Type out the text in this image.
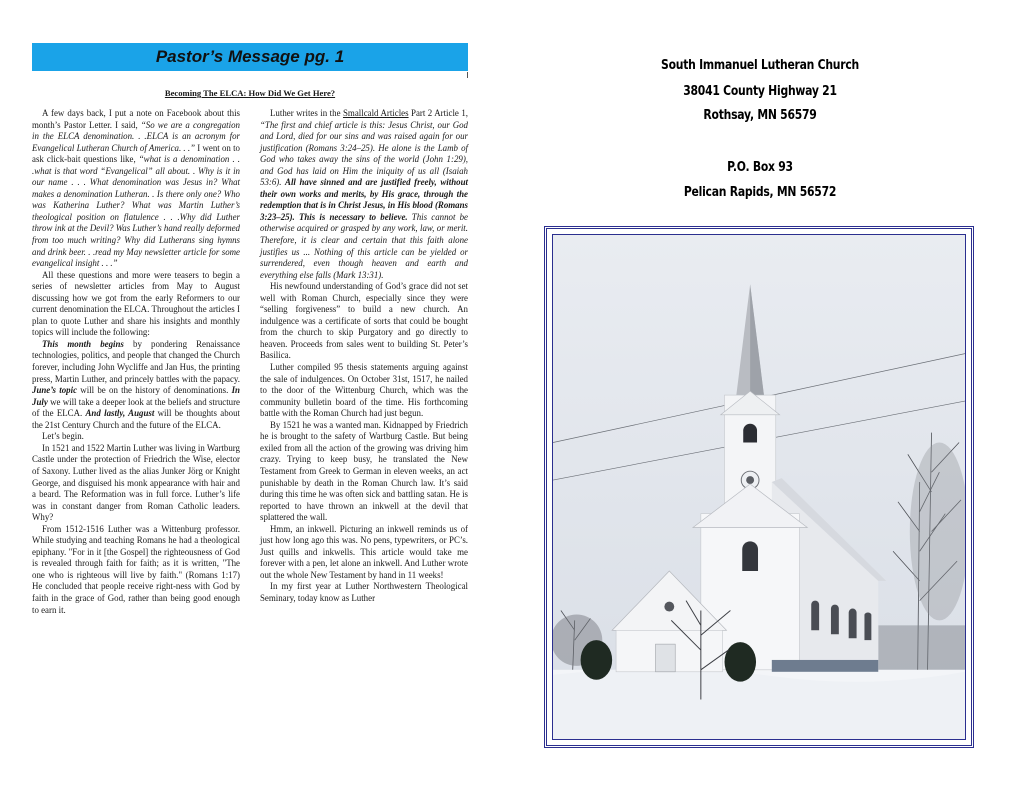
Pastor’s Message pg. 1
Becoming The ELCA: How Did We Get Here?

A few days back, I put a note on Facebook about this month’s Pastor Letter. I said, “So we are a congregation in the ELCA denomination. . .ELCA is an acronym for Evangelical Lutheran Church of America. . .” I went on to ask click-bait questions like, “what is a denomination . . .what is that word “Evangelical” all about. . Why is it in our name . . . What denomination was Jesus in? What makes a denomination Lutheran. . Is there only one? Who was Katherina Luther? What was Martin Luther’s theological position on flatulence . . .Why did Luther throw ink at the Devil? Was Luther’s hand really deformed from too much writing? Why did Lutherans sing hymns and drink beer. . .read my May newsletter article for some evangelical insight . . .”

All these questions and more were teasers to begin a series of newsletter articles from May to August discussing how we got from the early Reformers to our current denomination the ELCA. Throughout the articles I plan to quote Luther and share his insights and monthly topics will include the following:

This month begins by pondering Renaissance technologies, politics, and people that changed the Church forever, including John Wycliffe and Jan Hus, the printing press, Martin Luther, and princely battles with the papacy. June’s topic will be on the history of denominations. In July we will take a deeper look at the beliefs and structure of the ELCA. And lastly, August will be thoughts about the 21st Century Church and the future of the ELCA.

Let’s begin.

In 1521 and 1522 Martin Luther was living in Wartburg Castle under the protection of Friedrich the Wise, elector of Saxony. Luther lived as the alias Junker Jörg or Knight George, and disguised his monk appearance with hair and a beard. The Reformation was in full force. Luther’s life was in constant danger from Roman Catholic leaders. Why?

From 1512-1516 Luther was a Wittenburg professor. While studying and teaching Romans he had a theological epiphany. "For in it [the Gospel] the righteousness of God is revealed through faith for faith; as it is written, "The one who is righteous will live by faith." (Romans 1:17) He concluded that people receive right-ness with God by faith in the grace of God, rather than being good enough to earn it.

Luther writes in the Smallcald Articles Part 2 Article 1, “The first and chief article is this: Jesus Christ, our God and Lord, died for our sins and was raised again for our justification (Romans 3:24–25). He alone is the Lamb of God who takes away the sins of the world (John 1:29), and God has laid on Him the iniquity of us all (Isaiah 53:6). All have sinned and are justified freely, without their own works and merits, by His grace, through the redemption that is in Christ Jesus, in His blood (Romans 3:23–25). This is necessary to believe. This cannot be otherwise acquired or grasped by any work, law, or merit. Therefore, it is clear and certain that this faith alone justifies us ... Nothing of this article can be yielded or surrendered, even though heaven and earth and everything else falls (Mark 13:31).

His newfound understanding of God’s grace did not set well with Roman Church, especially since they were “selling forgiveness” to build a new church. An indulgence was a certificate of sorts that could be bought from the church to skip Purgatory and go directly to heaven. Proceeds from sales went to building St. Peter’s Basilica.

Luther compiled 95 thesis statements arguing against the sale of indulgences. On October 31st, 1517, he nailed to the door of the Wittenburg Church, which was the community bulletin board of the time. His forthcoming battle with the Roman Church had just begun.

By 1521 he was a wanted man. Kidnapped by Friedrich he is brought to the safety of Wartburg Castle. But being exiled from all the action of the growing was driving him crazy. Trying to keep busy, he translated the New Testament from Greek to German in eleven weeks, an act punishable by death in the Roman Church law. It’s said during this time he was often sick and battling satan. He is reported to have thrown an inkwell at the devil that splattered the wall.

Hmm, an inkwell. Picturing an inkwell reminds us of just how long ago this was. No pens, typewriters, or PC’s. Just quills and inkwells. This article would take me forever with a pen, let alone an inkwell. And Luther wrote out the whole New Testament by hand in 11 weeks!

In my first year at Luther Northwestern Theological Seminary, today know as Luther

South Immanuel Lutheran Church
38041 County Highway 21
Rothsay, MN 56579
P.O. Box 93
Pelican Rapids, MN 56572
